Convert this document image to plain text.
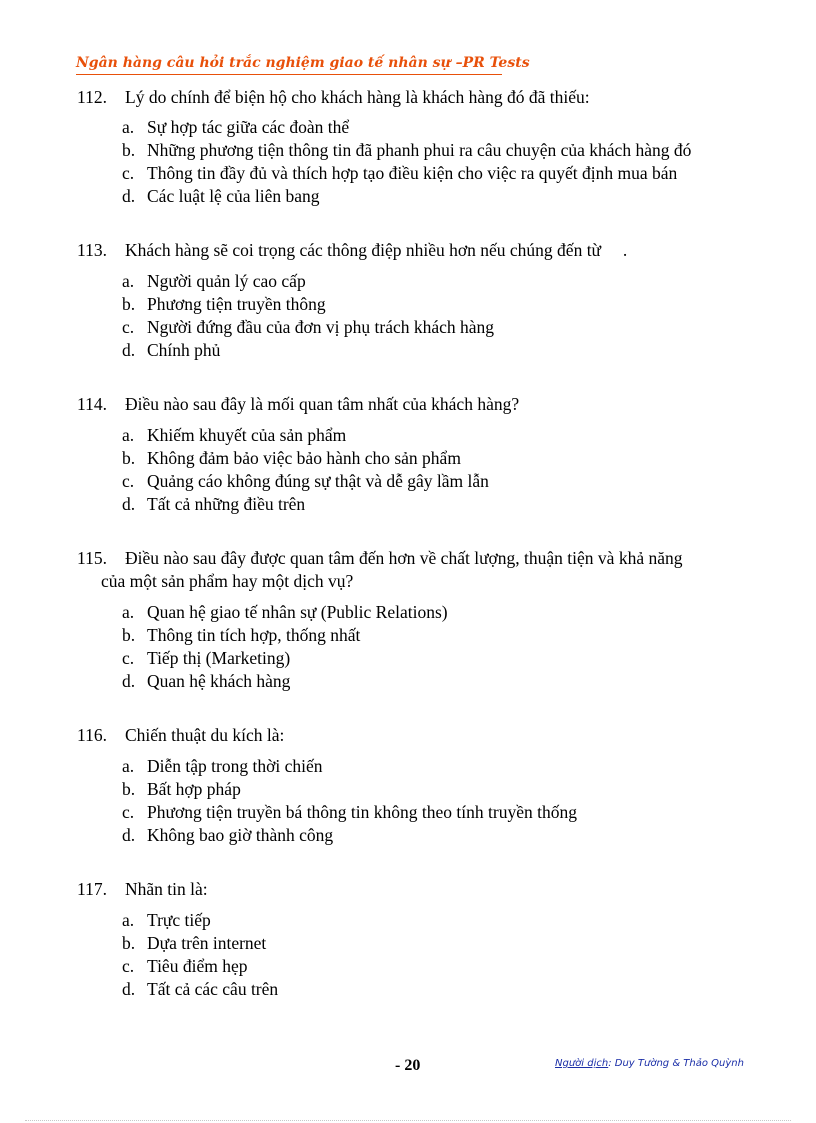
Ngân hàng câu hỏi trắc nghiệm giao tế nhân sự –PR Tests
112. Lý do chính để biện hộ cho khách hàng là khách hàng đó đã thiếu:
a. Sự hợp tác giữa các đoàn thể
b. Những phương tiện thông tin đã phanh phui ra câu chuyện của khách hàng đó
c. Thông tin đầy đủ và thích hợp tạo điều kiện cho việc ra quyết định mua bán
d. Các luật lệ của liên bang
113. Khách hàng sẽ coi trọng các thông điệp nhiều hơn nếu chúng đến từ     .
a. Người quản lý cao cấp
b. Phương tiện truyền thông
c. Người đứng đầu của đơn vị phụ trách khách hàng
d. Chính phủ
114. Điều nào sau đây là mối quan tâm nhất của khách hàng?
a. Khiếm khuyết của sản phẩm
b. Không đảm bảo việc bảo hành cho sản phẩm
c. Quảng cáo không đúng sự thật và dễ gây lầm lẫn
d. Tất cả những điều trên
115. Điều nào sau đây được quan tâm đến hơn về chất lượng, thuận tiện và khả năng
của một sản phẩm hay một dịch vụ?
a. Quan hệ giao tế nhân sự (Public Relations)
b. Thông tin tích hợp, thống nhất
c. Tiếp thị (Marketing)
d. Quan hệ khách hàng
116. Chiến thuật du kích là:
a. Diễn tập trong thời chiến
b. Bất hợp pháp
c. Phương tiện truyền bá thông tin không theo tính truyền thống
d. Không bao giờ thành công
117. Nhãn tin là:
a. Trực tiếp
b. Dựa trên internet
c. Tiêu điểm hẹp
d. Tất cả các câu trên
- 20	Người dịch: Duy Tường & Thảo Quỳnh
